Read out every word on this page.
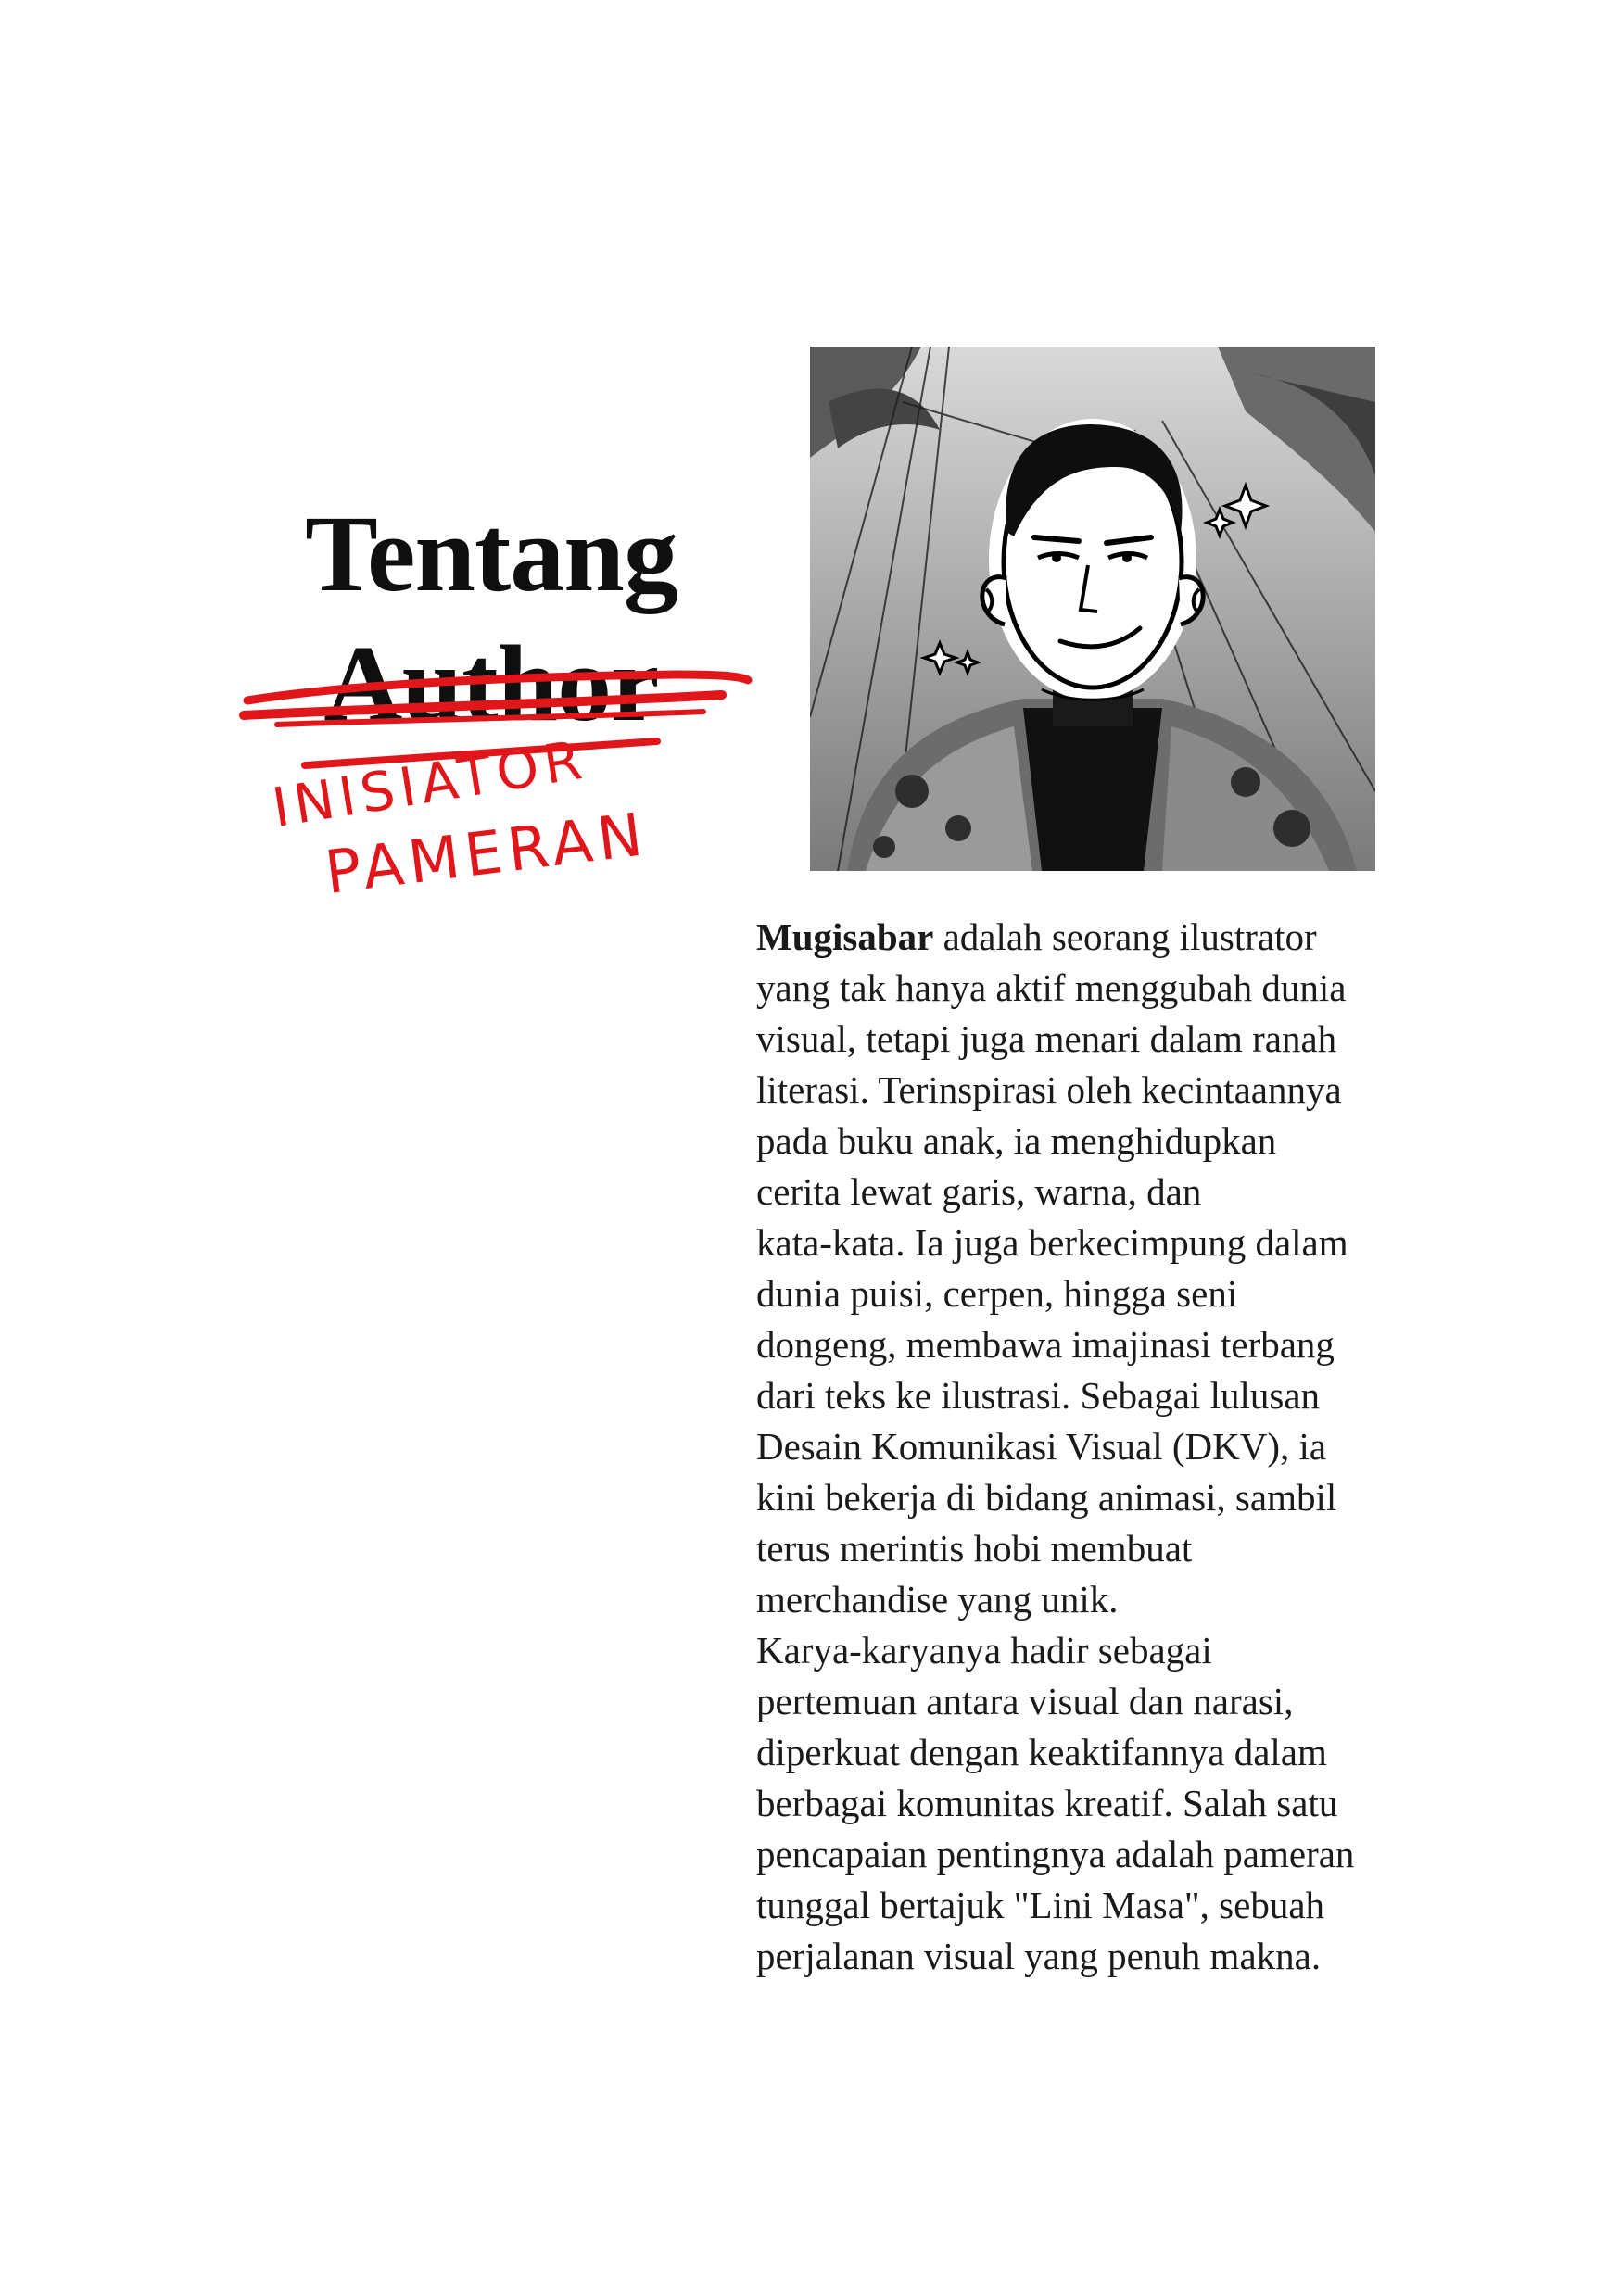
Tentang
Author
INISIATOR
PAMERAN
Mugisabar adalah seorang ilustrator
yang tak hanya aktif menggubah dunia
visual, tetapi juga menari dalam ranah
literasi. Terinspirasi oleh kecintaannya
pada buku anak, ia menghidupkan
cerita lewat garis, warna, dan
kata-kata. Ia juga berkecimpung dalam
dunia puisi, cerpen, hingga seni
dongeng, membawa imajinasi terbang
dari teks ke ilustrasi. Sebagai lulusan
Desain Komunikasi Visual (DKV), ia
kini bekerja di bidang animasi, sambil
terus merintis hobi membuat
merchandise yang unik.
Karya-karyanya hadir sebagai
pertemuan antara visual dan narasi,
diperkuat dengan keaktifannya dalam
berbagai komunitas kreatif. Salah satu
pencapaian pentingnya adalah pameran
tunggal bertajuk "Lini Masa", sebuah
perjalanan visual yang penuh makna.
